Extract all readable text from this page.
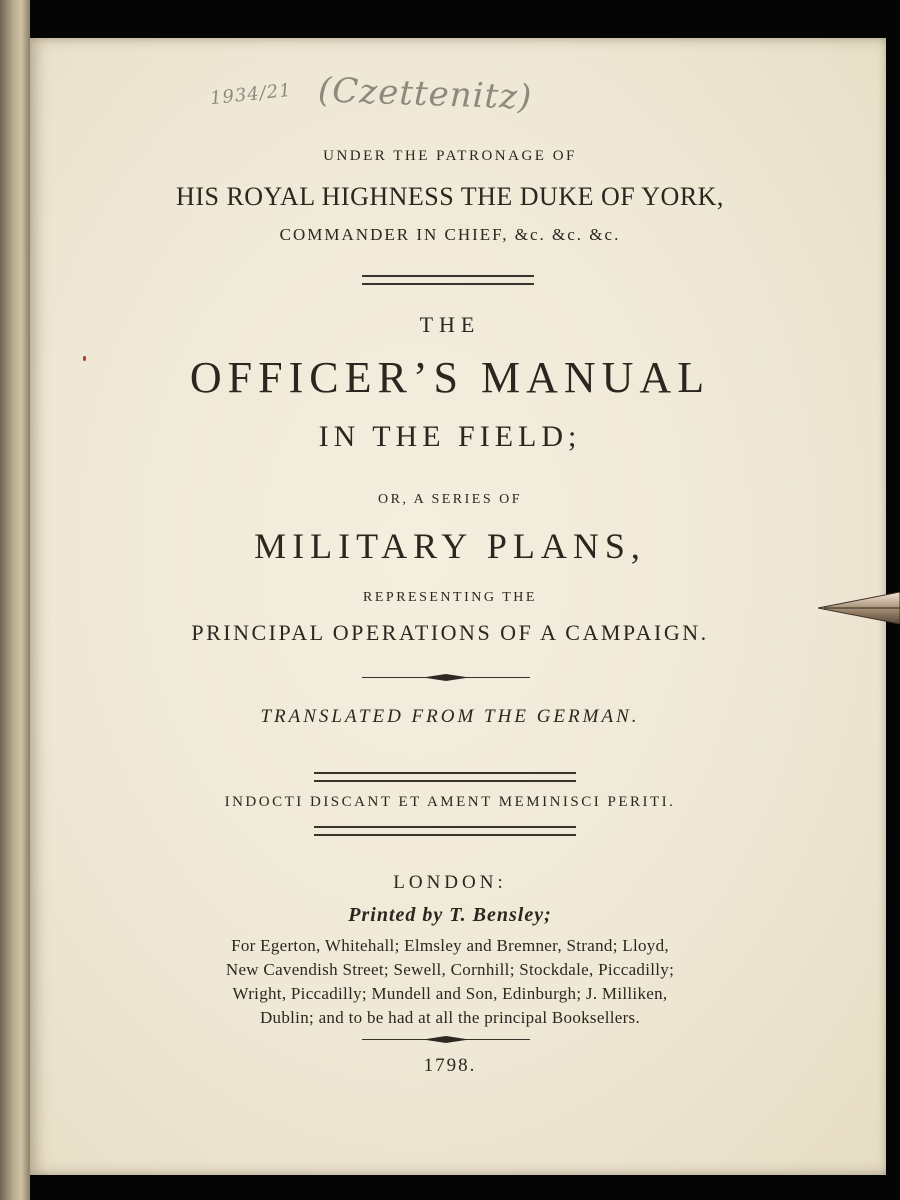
1934/21 (Czettenitz)
UNDER THE PATRONAGE OF
HIS ROYAL HIGHNESS THE DUKE OF YORK,
COMMANDER IN CHIEF, &c. &c. &c.
THE
OFFICER’S MANUAL
IN THE FIELD;
OR, A SERIES OF
MILITARY PLANS,
REPRESENTING THE
PRINCIPAL OPERATIONS OF A CAMPAIGN.
TRANSLATED FROM THE GERMAN.
INDOCTI DISCANT ET AMENT MEMINISCI PERITI.
LONDON:
Printed by T. Bensley;
For Egerton, Whitehall; Elmsley and Bremner, Strand; Lloyd,
New Cavendish Street; Sewell, Cornhill; Stockdale, Piccadilly;
Wright, Piccadilly; Mundell and Son, Edinburgh; J. Milliken,
Dublin; and to be had at all the principal Booksellers.
1798.
